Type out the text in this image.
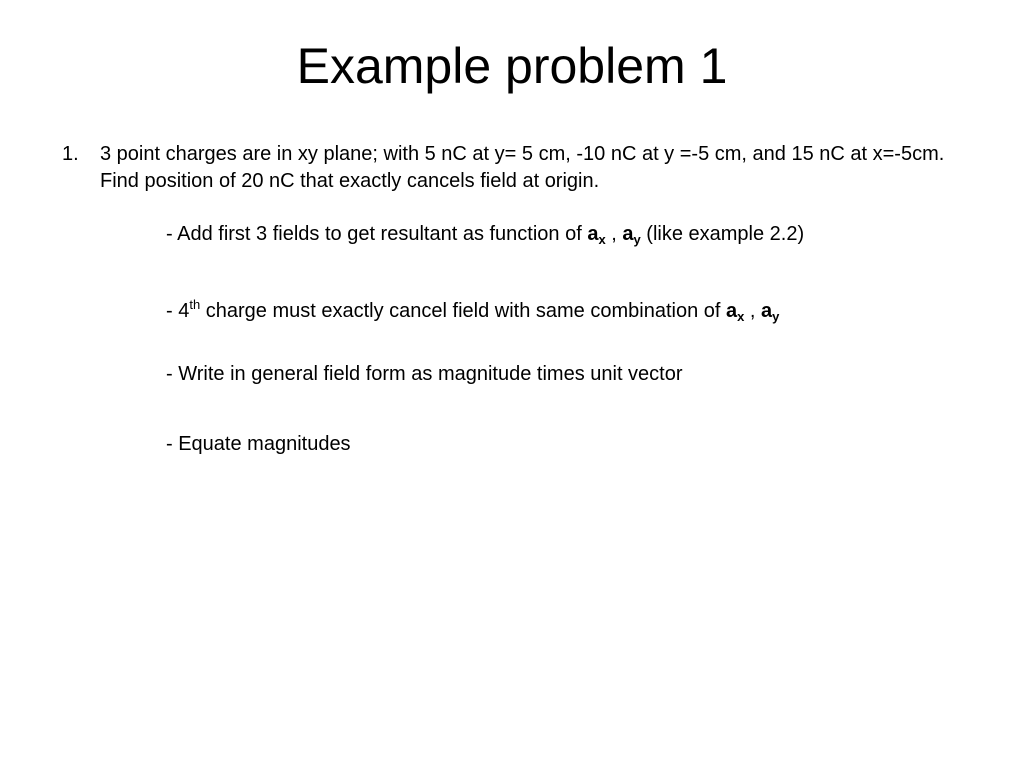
Example problem 1
1.	3 point charges are in xy plane; with 5 nC at y= 5 cm, -10 nC at y =-5 cm, and 15 nC at x=-5cm. Find position of 20 nC that exactly cancels field at origin.
- Add first 3 fields to get resultant as function of $a_x$ , $a_y$ (like example 2.2)
- 4th charge must exactly cancel field with same combination of $a_x$ , $a_y$
- Write in general field form as magnitude times unit vector
- Equate magnitudes
